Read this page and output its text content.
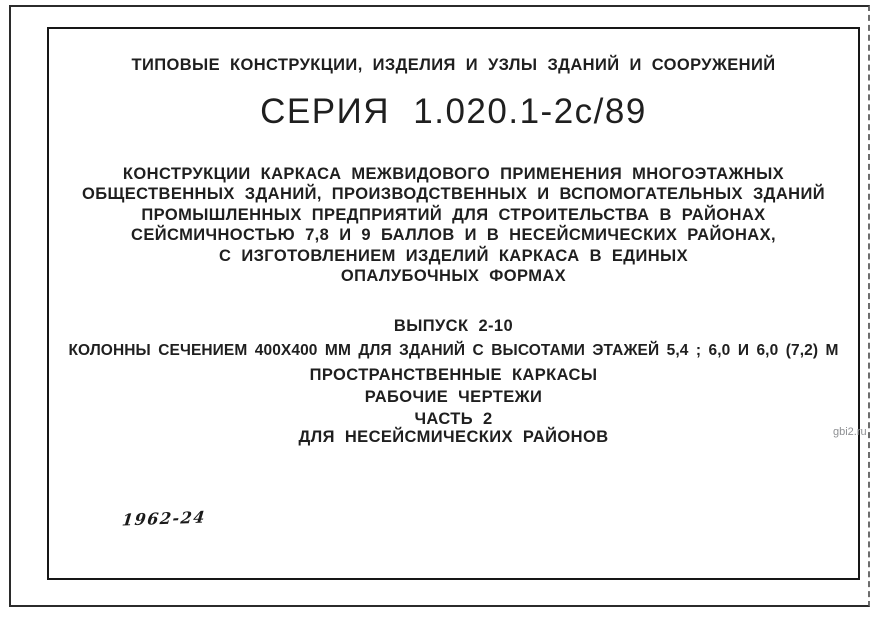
ТИПОВЫЕ КОНСТРУКЦИИ, ИЗДЕЛИЯ И УЗЛЫ ЗДАНИЙ И СООРУЖЕНИЙ
СЕРИЯ 1.020.1-2с/89
КОНСТРУКЦИИ КАРКАСА МЕЖВИДОВОГО ПРИМЕНЕНИЯ МНОГОЭТАЖНЫХ
ОБЩЕСТВЕННЫХ ЗДАНИЙ, ПРОИЗВОДСТВЕННЫХ И ВСПОМОГАТЕЛЬНЫХ ЗДАНИЙ
ПРОМЫШЛЕННЫХ ПРЕДПРИЯТИЙ ДЛЯ СТРОИТЕЛЬСТВА В РАЙОНАХ
СЕЙСМИЧНОСТЬЮ 7,8 И 9 БАЛЛОВ И В НЕСЕЙСМИЧЕСКИХ РАЙОНАХ,
С ИЗГОТОВЛЕНИЕМ ИЗДЕЛИЙ КАРКАСА В ЕДИНЫХ
ОПАЛУБОЧНЫХ ФОРМАХ
ВЫПУСК 2-10
КОЛОННЫ СЕЧЕНИЕМ 400X400 ММ ДЛЯ ЗДАНИЙ С ВЫСОТАМИ ЭТАЖЕЙ 5,4 ; 6,0 И 6,0 (7,2) М
ПРОСТРАНСТВЕННЫЕ КАРКАСЫ
РАБОЧИЕ ЧЕРТЕЖИ
ЧАСТЬ 2
ДЛЯ НЕСЕЙСМИЧЕСКИХ РАЙОНОВ
1962-24
gbi2.ru
